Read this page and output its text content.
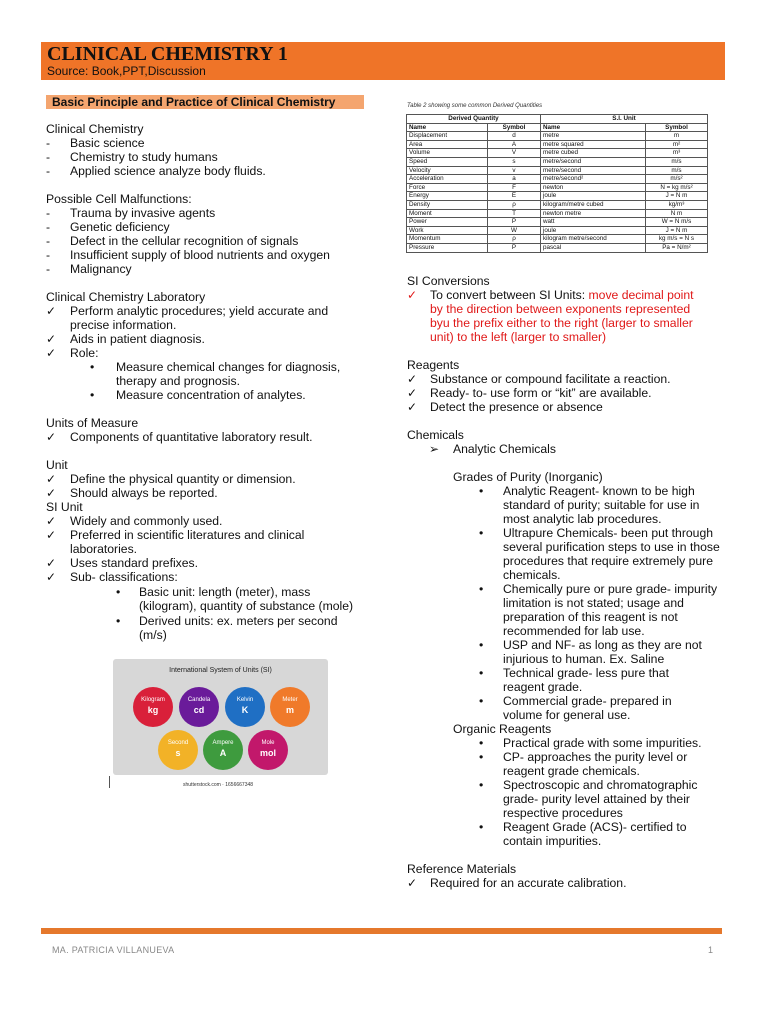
CLINICAL CHEMISTRY 1
Source: Book,PPT,Discussion
Basic Principle and Practice of Clinical Chemistry
Clinical Chemistry
- Basic science
- Chemistry to study humans
- Applied science analyze body fluids.
Possible Cell Malfunctions:
- Trauma by invasive agents
- Genetic deficiency
- Defect in the cellular recognition of signals
- Insufficient supply of blood nutrients and oxygen
- Malignancy
Clinical Chemistry Laboratory
✓ Perform analytic procedures; yield accurate and precise information.
✓ Aids in patient diagnosis.
✓ Role:
• Measure chemical changes for diagnosis, therapy and prognosis.
• Measure concentration of analytes.
Units of Measure
✓ Components of quantitative laboratory result.
Unit
✓ Define the physical quantity or dimension.
✓ Should always be reported.
SI Unit
✓ Widely and commonly used.
✓ Preferred in scientific literatures and clinical laboratories.
✓ Uses standard prefixes.
✓ Sub- classifications:
• Basic unit: length (meter), mass (kilogram), quantity of substance (mole)
• Derived units: ex. meters per second (m/s)
International System of Units (SI)
Kilogram
kg
Candela
cd
Kelvin
K
Meter
m
Second
s
Ampere
A
Mole
mol
shutterstock.com · 1656667348
Table 2 showing some common Derived Quantities
Derived Quantity		S.I. Unit	
Name	Symbol	Name	Symbol
Displacement	d	metre	m
Area	A	metre squared	m²
Volume	V	metre cubed	m³
Speed	s	metre/second	m/s
Velocity	v	metre/second	m/s
Acceleration	a	metre/second²	m/s²
Force	F	newton	N = kg m/s²
Energy	E	joule	J = N m
Density	ρ	kilogram/metre cubed	kg/m³
Moment	T	newton metre	N m
Power	P	watt	W = N m/s
Work	W	joule	J = N m
Momentum	ρ	kilogram metre/second	kg m/s = N s
Pressure	P	pascal	Pa = N/m²
SI Conversions
✓ To convert between SI Units: move decimal point
by the direction between exponents represented
byu the prefix either to the right (larger to smaller
unit) to the left (larger to smaller)
Reagents
✓ Substance or compound facilitate a reaction.
✓ Ready- to- use form or “kit” are available.
✓ Detect the presence or absence
Chemicals
➢ Analytic Chemicals
Grades of Purity (Inorganic)
• Analytic Reagent- known to be high standard of purity; suitable for use in most analytic lab procedures.
• Ultrapure Chemicals- been put through several purification steps to use in those procedures that require extremely pure chemicals.
• Chemically pure or pure grade- impurity limitation is not stated; usage and preparation of this reagent is not recommended for lab use.
• USP and NF- as long as they are not injurious to human. Ex. Saline
• Technical grade- less pure that reagent grade.
• Commercial grade- prepared in volume for general use.
Organic Reagents
• Practical grade with some impurities.
• CP- approaches the purity level or reagent grade chemicals.
• Spectroscopic and chromatographic grade- purity level attained by their respective procedures
• Reagent Grade (ACS)- certified to contain impurities.
Reference Materials
✓ Required for an accurate calibration.
MA. PATRICIA VILLANUEVA	1
